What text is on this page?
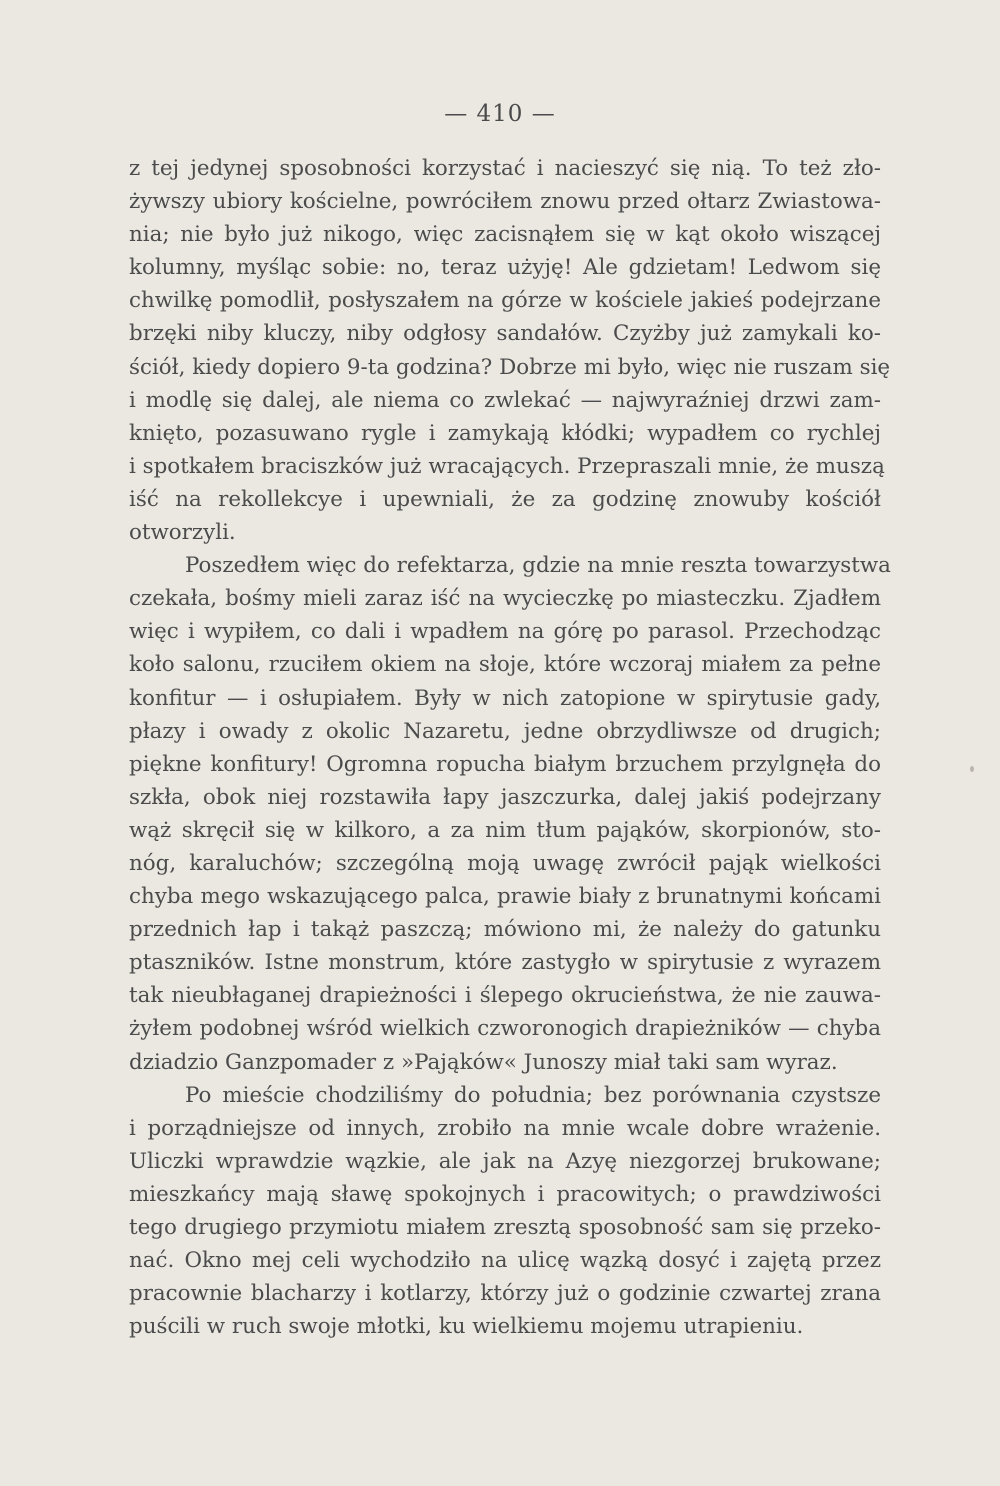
— 410 —
z tej jedynej sposobności korzystać i nacieszyć się nią. To też zło-
żywszy ubiory kościelne, powróciłem znowu przed ołtarz Zwiastowa-
nia; nie było już nikogo, więc zacisnąłem się w kąt około wiszącej
kolumny, myśląc sobie: no, teraz użyję! Ale gdzietam! Ledwom się
chwilkę pomodlił, posłyszałem na górze w kościele jakieś podejrzane
brzęki niby kluczy, niby odgłosy sandałów. Czyżby już zamykali ko-
ściół, kiedy dopiero 9-ta godzina? Dobrze mi było, więc nie ruszam się
i modlę się dalej, ale niema co zwlekać — najwyraźniej drzwi zam-
knięto, pozasuwano rygle i zamykają kłódki; wypadłem co rychlej
i spotkałem braciszków już wracających. Przepraszali mnie, że muszą
iść na rekollekcye i upewniali, że za godzinę znowuby kościół
otworzyli.
Poszedłem więc do refektarza, gdzie na mnie reszta towarzystwa
czekała, bośmy mieli zaraz iść na wycieczkę po miasteczku. Zjadłem
więc i wypiłem, co dali i wpadłem na górę po parasol. Przechodząc
koło salonu, rzuciłem okiem na słoje, które wczoraj miałem za pełne
konfitur — i osłupiałem. Były w nich zatopione w spirytusie gady,
płazy i owady z okolic Nazaretu, jedne obrzydliwsze od drugich;
piękne konfitury! Ogromna ropucha białym brzuchem przylgnęła do
szkła, obok niej rozstawiła łapy jaszczurka, dalej jakiś podejrzany
wąż skręcił się w kilkoro, a za nim tłum pająków, skorpionów, sto-
nóg, karaluchów; szczególną moją uwagę zwrócił pająk wielkości
chyba mego wskazującego palca, prawie biały z brunatnymi końcami
przednich łap i takąż paszczą; mówiono mi, że należy do gatunku
ptaszników. Istne monstrum, które zastygło w spirytusie z wyrazem
tak nieubłaganej drapieżności i ślepego okrucieństwa, że nie zauwa-
żyłem podobnej wśród wielkich czworonogich drapieżników — chyba
dziadzio Ganzpomader z »Pająków« Junoszy miał taki sam wyraz.
Po mieście chodziliśmy do południa; bez porównania czystsze
i porządniejsze od innych, zrobiło na mnie wcale dobre wrażenie.
Uliczki wprawdzie wązkie, ale jak na Azyę niezgorzej brukowane;
mieszkańcy mają sławę spokojnych i pracowitych; o prawdziwości
tego drugiego przymiotu miałem zresztą sposobność sam się przeko-
nać. Okno mej celi wychodziło na ulicę wązką dosyć i zajętą przez
pracownie blacharzy i kotlarzy, którzy już o godzinie czwartej zrana
puścili w ruch swoje młotki, ku wielkiemu mojemu utrapieniu.
